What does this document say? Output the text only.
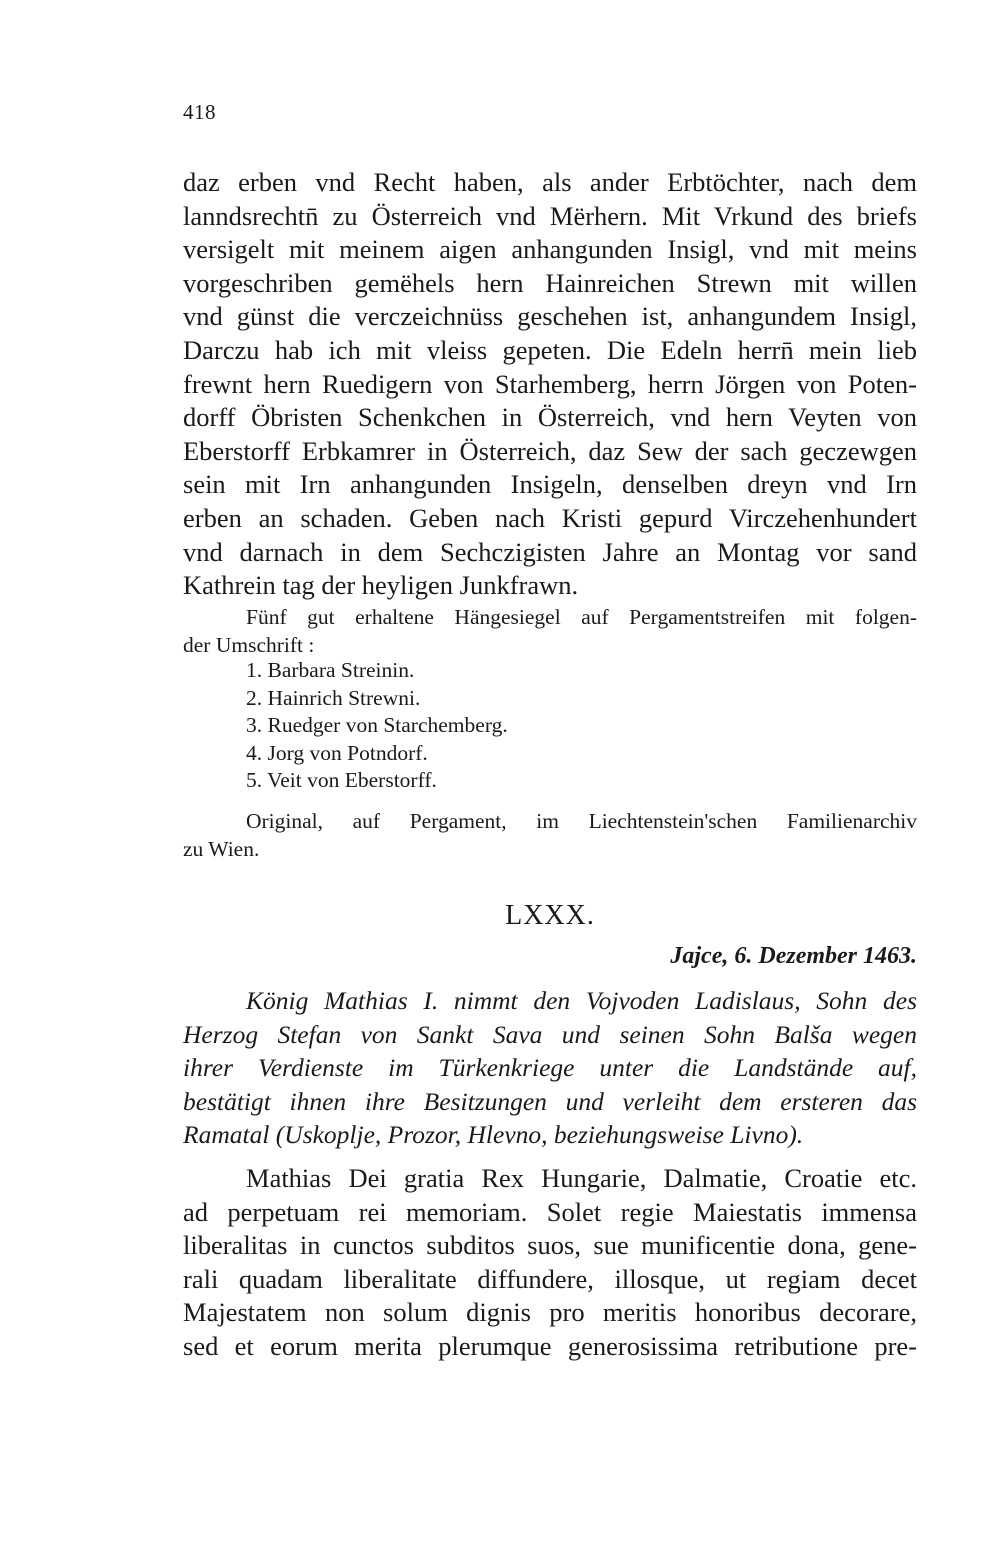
418
daz erben vnd Recht haben, als ander Erbtöchter, nach dem
lanndsrechtn̄ zu Österreich vnd Mërhern. Mit Vrkund des briefs
versigelt mit meinem aigen anhangunden Insigl, vnd mit meins
vorgeschriben gemëhels hern Hainreichen Strewn mit willen
vnd günst die verczeichnüss geschehen ist, anhangundem Insigl,
Darczu hab ich mit vleiss gepeten. Die Edeln herrn̄ mein lieb
frewnt hern Ruedigern von Starhemberg, herrn Jörgen von Poten-
dorff Öbristen Schenkchen in Österreich, vnd hern Veyten von
Eberstorff Erbkamrer in Österreich, daz Sew der sach geczewgen
sein mit Irn anhangunden Insigeln, denselben dreyn vnd Irn
erben an schaden. Geben nach Kristi gepurd Virczehenhundert
vnd darnach in dem Sechczigisten Jahre an Montag vor sand
Kathrein tag der heyligen Junkfrawn.
Fünf gut erhaltene Hängesiegel auf Pergamentstreifen mit folgen-
der Umschrift :
1. Barbara Streinin.
2. Hainrich Strewni.
3. Ruedger von Starchemberg.
4. Jorg von Potndorf.
5. Veit von Eberstorff.
Original, auf Pergament, im Liechtenstein'schen Familienarchiv
zu Wien.
LXXX.
Jajce, 6. Dezember 1463.
König Mathias I. nimmt den Vojvoden Ladislaus, Sohn des
Herzog Stefan von Sankt Sava und seinen Sohn Balša wegen
ihrer Verdienste im Türkenkriege unter die Landstände auf,
bestätigt ihnen ihre Besitzungen und verleiht dem ersteren das
Ramatal (Uskoplje, Prozor, Hlevno, beziehungsweise Livno).
Mathias Dei gratia Rex Hungarie, Dalmatie, Croatie etc.
ad perpetuam rei memoriam. Solet regie Maiestatis immensa
liberalitas in cunctos subditos suos, sue munificentie dona, gene-
rali quadam liberalitate diffundere, illosque, ut regiam decet
Majestatem non solum dignis pro meritis honoribus decorare,
sed et eorum merita plerumque generosissima retributione pre-
